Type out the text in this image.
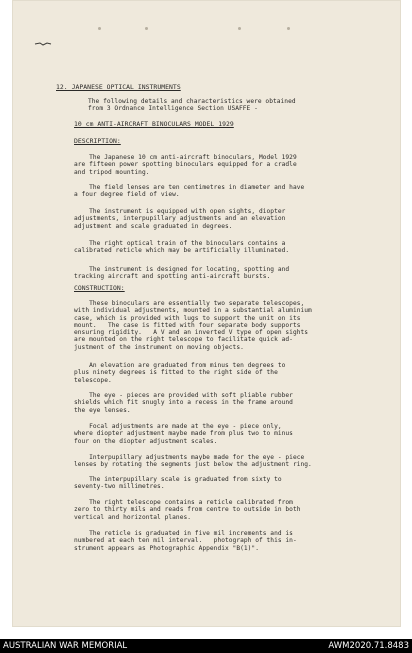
12. JAPANESE OPTICAL INSTRUMENTS
The following details and characteristics were obtained
from 3 Ordnance Intelligence Section USAFFE -
10 cm ANTI-AIRCRAFT BINOCULARS MODEL 1929
DESCRIPTION:
The Japanese 10 cm anti-aircraft binoculars, Model 1929
are fifteen power spotting binoculars equipped for a cradle
and tripod mounting.
The field lenses are ten centimetres in diameter and have
a four degree field of view.
The instrument is equipped with open sights, diopter
adjustments, interpupillary adjustments and an elevation
adjustment and scale graduated in degrees.
The right optical train of the binoculars contains a
calibrated reticle which may be artificially illuminated.
The instrument is designed for locating, spotting and
tracking aircraft and spotting anti-aircraft bursts.
CONSTRUCTION:
These binoculars are essentially two separate telescopes,
with individual adjustments, mounted in a substantial aluminium
case, which is provided with lugs to support the unit on its
mount.   The case is fitted with four separate body supports
ensuring rigidity.   A V and an inverted V type of open sights
are mounted on the right telescope to facilitate quick ad-
justment of the instrument on moving objects.
An elevation are graduated from minus ten degrees to
plus ninety degrees is fitted to the right side of the
telescope.
The eye - pieces are provided with soft pliable rubber
shields which fit snugly into a recess in the frame around
the eye lenses.
Focal adjustments are made at the eye - piece only,
where diopter adjustment maybe made from plus two to minus
four on the diopter adjustment scales.
Interpupillary adjustments maybe made for the eye - piece
lenses by rotating the segments just below the adjustment ring.
The interpupillary scale is graduated from sixty to
seventy-two millimetres.
The right telescope contains a reticle calibrated from
zero to thirty mils and reads from centre to outside in both
vertical and horizontal planes.
The reticle is graduated in five mil increments and is
numbered at each ten mil interval.   photograph of this in-
strument appears as Photographic Appendix "B(1)".
AUSTRALIAN WAR MEMORIAL	AWM2020.71.8483
